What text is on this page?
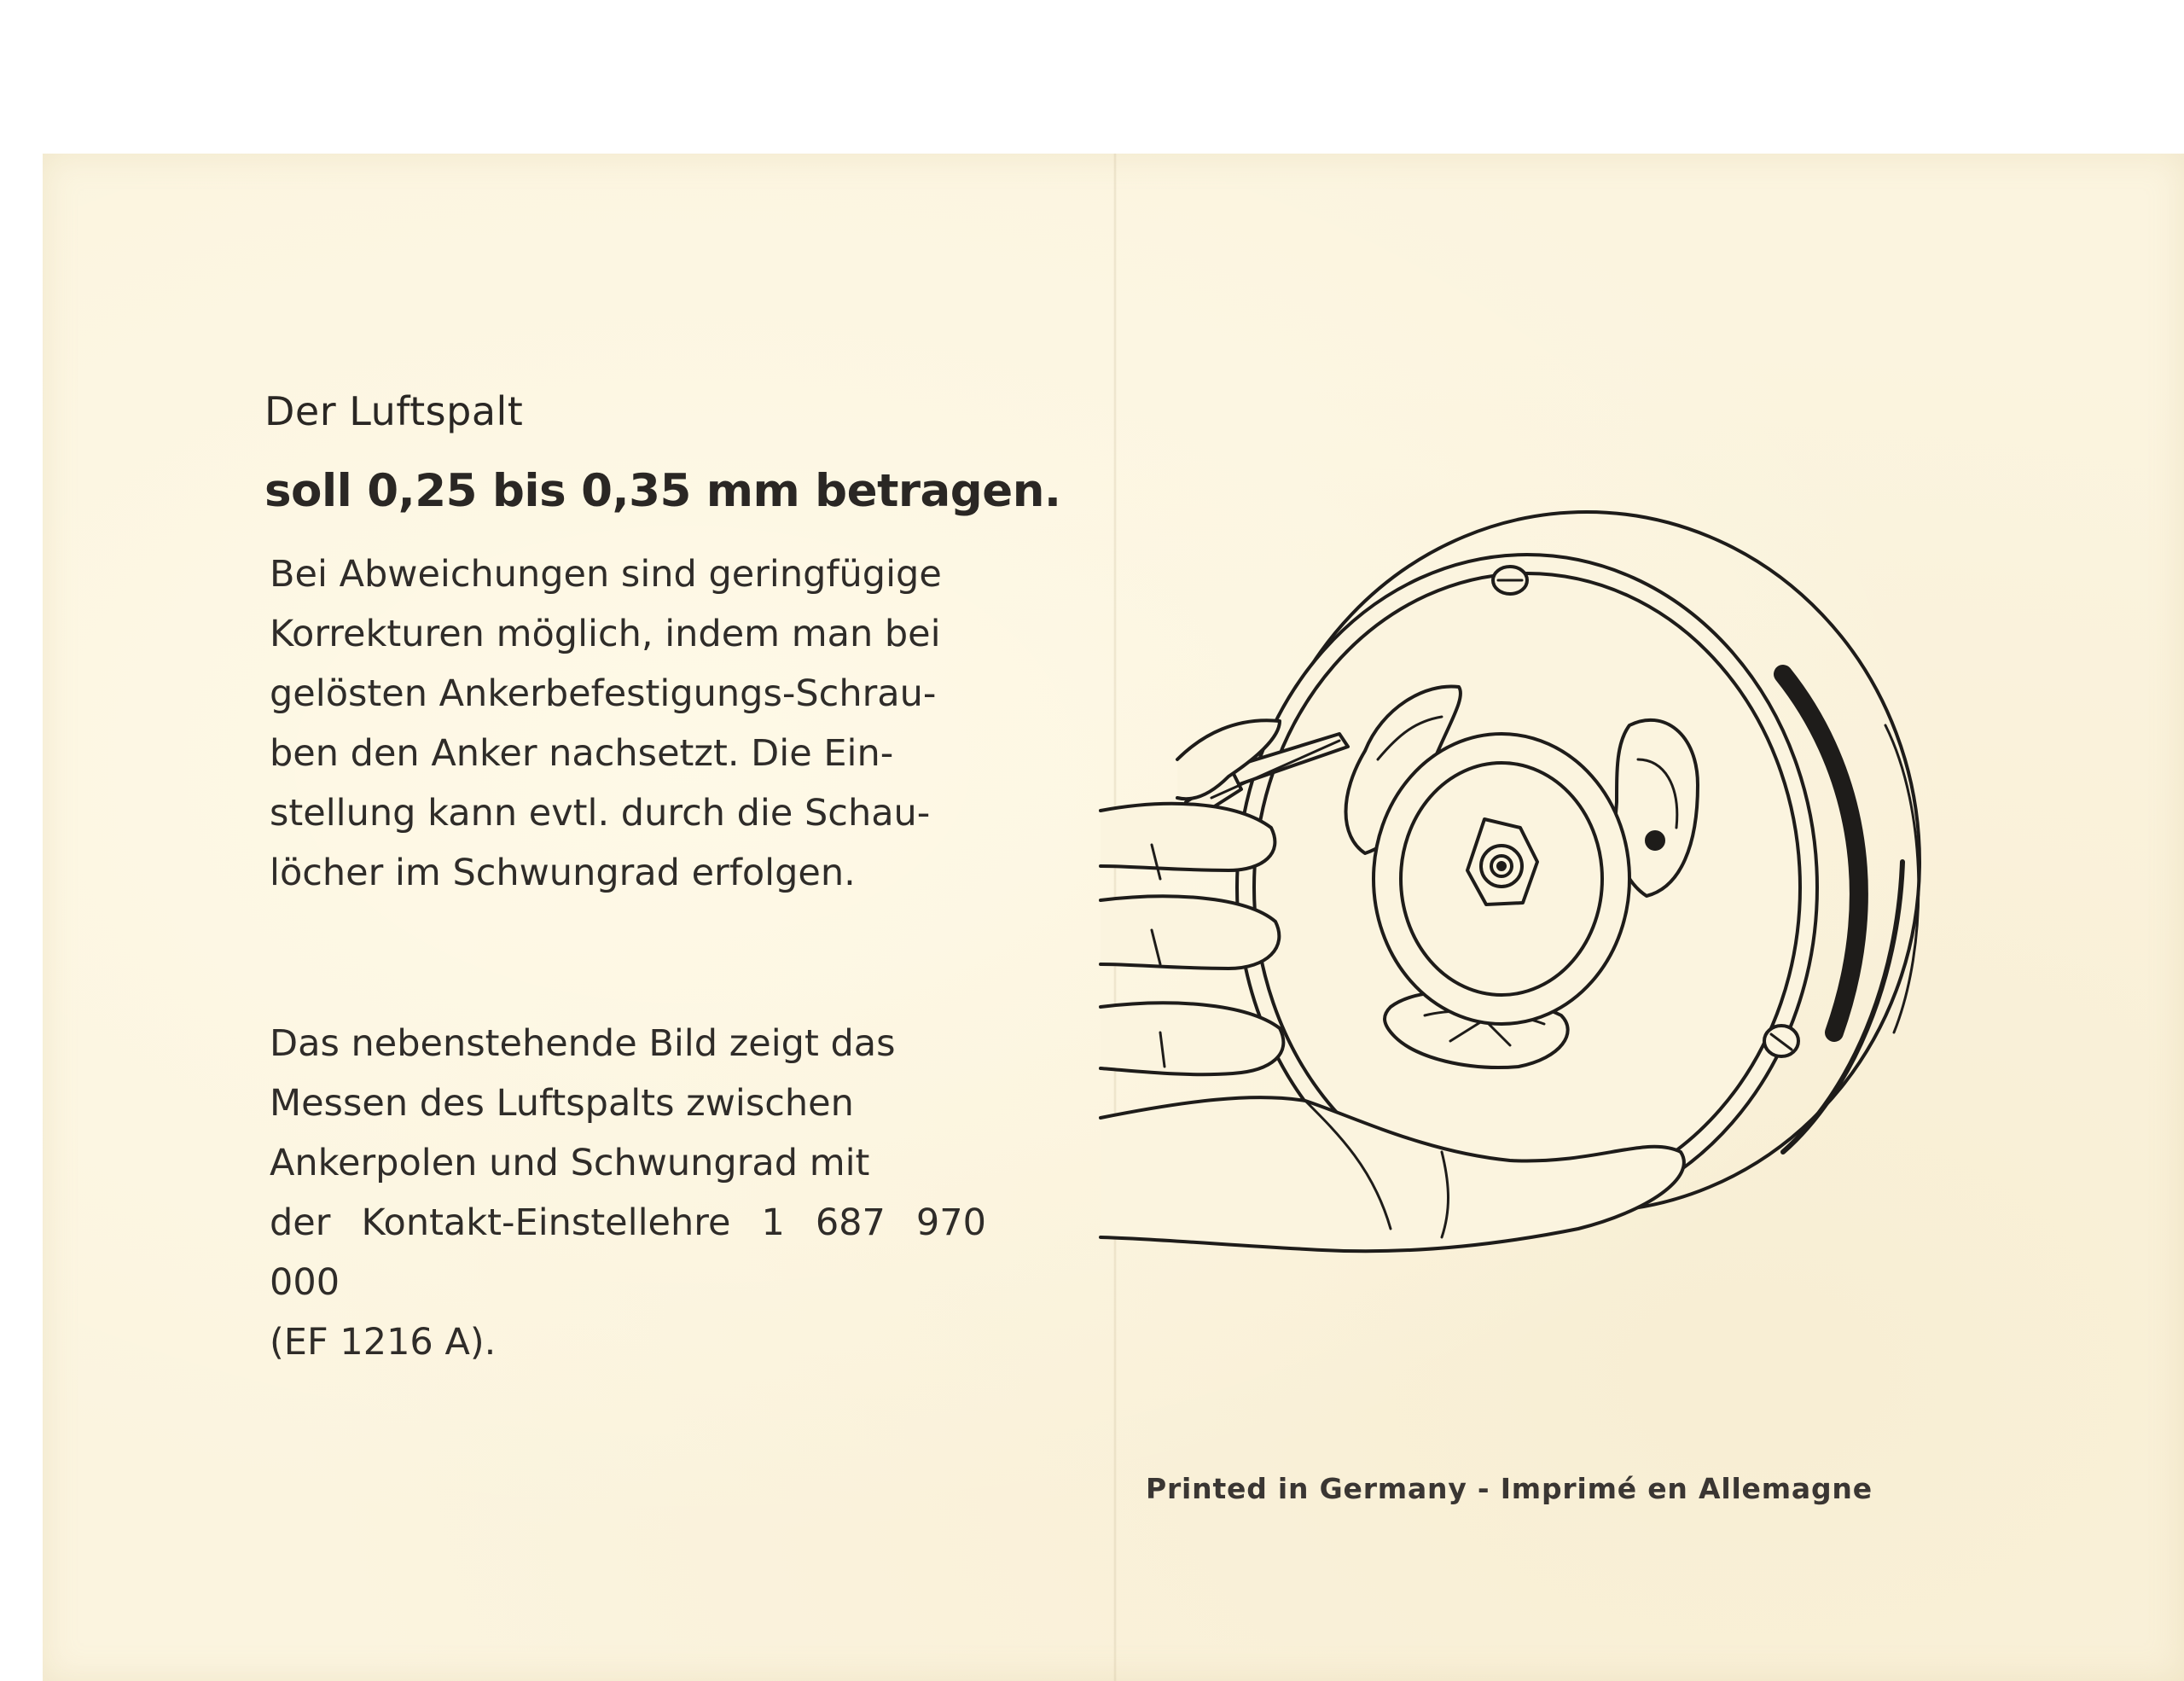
Der Luftspalt
soll 0,25 bis 0,35 mm betragen.

Bei Abweichungen sind geringfügige
Korrekturen möglich, indem man bei
gelösten Ankerbefestigungs-Schrau-
ben den Anker nachsetzt. Die Ein-
stellung kann evtl. durch die Schau-
löcher im Schwungrad erfolgen.

Das nebenstehende Bild zeigt das
Messen des Luftspalts zwischen
Ankerpolen und Schwungrad mit
der Kontakt-Einstellehre 1 687 970 000
(EF 1216 A).

Printed in Germany - Imprimé en Allemagne
